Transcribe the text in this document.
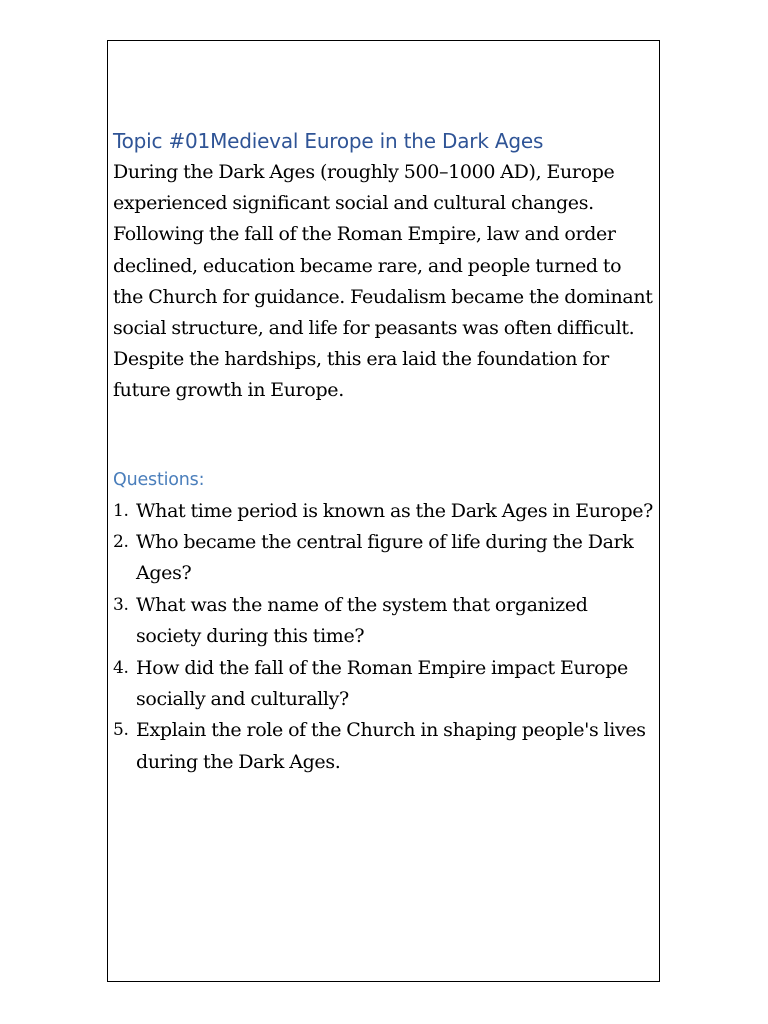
Topic #01Medieval Europe in the Dark Ages

During the Dark Ages (roughly 500–1000 AD), Europe experienced significant social and cultural changes. Following the fall of the Roman Empire, law and order declined, education became rare, and people turned to the Church for guidance. Feudalism became the dominant social structure, and life for peasants was often difficult. Despite the hardships, this era laid the foundation for future growth in Europe.

Questions:
1. What time period is known as the Dark Ages in Europe?
2. Who became the central figure of life during the Dark Ages?
3. What was the name of the system that organized society during this time?
4. How did the fall of the Roman Empire impact Europe socially and culturally?
5. Explain the role of the Church in shaping people's lives during the Dark Ages.
